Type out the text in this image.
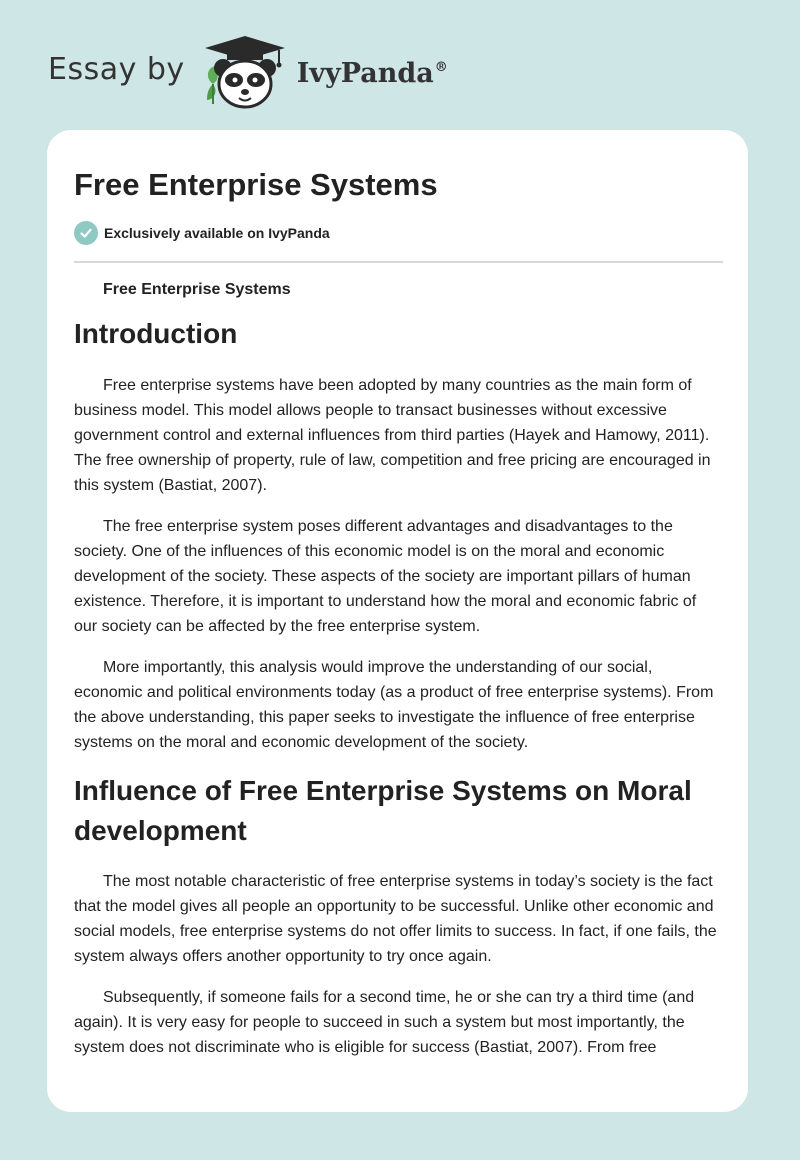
Essay by	IvyPanda®
Free Enterprise Systems
Exclusively available on IvyPanda
Free Enterprise Systems
Introduction

Free enterprise systems have been adopted by many countries as the main form of business model. This model allows people to transact businesses without excessive government control and external influences from third parties (Hayek and Hamowy, 2011). The free ownership of property, rule of law, competition and free pricing are encouraged in this system (Bastiat, 2007).

The free enterprise system poses different advantages and disadvantages to the society. One of the influences of this economic model is on the moral and economic development of the society. These aspects of the society are important pillars of human existence. Therefore, it is important to understand how the moral and economic fabric of our society can be affected by the free enterprise system.

More importantly, this analysis would improve the understanding of our social, economic and political environments today (as a product of free enterprise systems). From the above understanding, this paper seeks to investigate the influence of free enterprise systems on the moral and economic development of the society.

Influence of Free Enterprise Systems on Moral development

The most notable characteristic of free enterprise systems in today’s society is the fact that the model gives all people an opportunity to be successful. Unlike other economic and social models, free enterprise systems do not offer limits to success. In fact, if one fails, the system always offers another opportunity to try once again.

Subsequently, if someone fails for a second time, he or she can try a third time (and again). It is very easy for people to succeed in such a system but most importantly, the system does not discriminate who is eligible for success (Bastiat, 2007). From free
